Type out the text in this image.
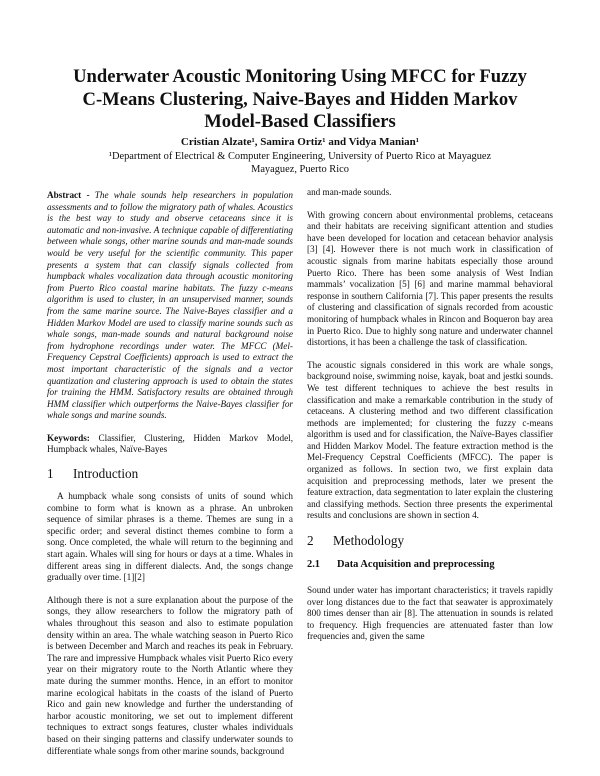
Underwater Acoustic Monitoring Using MFCC for Fuzzy
C-Means Clustering, Naive-Bayes and Hidden Markov
Model-Based Classifiers
Cristian Alzate¹, Samira Ortiz¹ and Vidya Manian¹
¹Department of Electrical & Computer Engineering, University of Puerto Rico at Mayaguez
Mayaguez, Puerto Rico

Abstract - The whale sounds help researchers in population assessments and to follow the migratory path of whales. Acoustics is the best way to study and observe cetaceans since it is automatic and non-invasive. A technique capable of differentiating between whale songs, other marine sounds and man-made sounds would be very useful for the scientific community. This paper presents a system that can classify signals collected from humpback whales vocalization data through acoustic monitoring from Puerto Rico coastal marine habitats. The fuzzy c-means algorithm is used to cluster, in an unsupervised manner, sounds from the same marine source. The Naive-Bayes classifier and a Hidden Markov Model are used to classify marine sounds such as whale songs, man-made sounds and natural background noise from hydrophone recordings under water. The MFCC (Mel-Frequency Cepstral Coefficients) approach is used to extract the most important characteristic of the signals and a vector quantization and clustering approach is used to obtain the states for training the HMM. Satisfactory results are obtained through HMM classifier which outperforms the Naive-Bayes classifier for whale songs and marine sounds.

Keywords: Classifier, Clustering, Hidden Markov Model, Humpback whales, Naïve-Bayes

1 Introduction

A humpback whale song consists of units of sound which combine to form what is known as a phrase. An unbroken sequence of similar phrases is a theme. Themes are sung in a specific order; and several distinct themes combine to form a song. Once completed, the whale will return to the beginning and start again. Whales will sing for hours or days at a time. Whales in different areas sing in different dialects. And, the songs change gradually over time. [1][2]

Although there is not a sure explanation about the purpose of the songs, they allow researchers to follow the migratory path of whales throughout this season and also to estimate population density within an area. The whale watching season in Puerto Rico is between December and March and reaches its peak in February. The rare and impressive Humpback whales visit Puerto Rico every year on their migratory route to the North Atlantic where they mate during the summer months. Hence, in an effort to monitor marine ecological habitats in the coasts of the island of Puerto Rico and gain new knowledge and further the understanding of harbor acoustic monitoring, we set out to implement different techniques to extract songs features, cluster whales individuals based on their singing patterns and classify underwater sounds to differentiate whale songs from other marine sounds, background

and man-made sounds.

With growing concern about environmental problems, cetaceans and their habitats are receiving significant attention and studies have been developed for location and cetacean behavior analysis [3] [4]. However there is not much work in classification of acoustic signals from marine habitats especially those around Puerto Rico. There has been some analysis of West Indian mammals’ vocalization [5] [6] and marine mammal behavioral response in southern California [7]. This paper presents the results of clustering and classification of signals recorded from acoustic monitoring of humpback whales in Rincon and Boqueron bay area in Puerto Rico. Due to highly song nature and underwater channel distortions, it has been a challenge the task of classification.

The acoustic signals considered in this work are whale songs, background noise, swimming noise, kayak, boat and jestki sounds. We test different techniques to achieve the best results in classification and make a remarkable contribution in the study of cetaceans. A clustering method and two different classification methods are implemented; for clustering the fuzzy c-means algorithm is used and for classification, the Naïve-Bayes classifier and Hidden Markov Model. The feature extraction method is the Mel-Frequency Cepstral Coefficients (MFCC). The paper is organized as follows. In section two, we first explain data acquisition and preprocessing methods, later we present the feature extraction, data segmentation to later explain the clustering and classifying methods. Section three presents the experimental results and conclusions are shown in section 4.

2 Methodology
2.1 Data Acquisition and preprocessing

Sound under water has important characteristics; it travels rapidly over long distances due to the fact that seawater is approximately 800 times denser than air [8]. The attenuation in sounds is related to frequency. High frequencies are attenuated faster than low frequencies and, given the same
